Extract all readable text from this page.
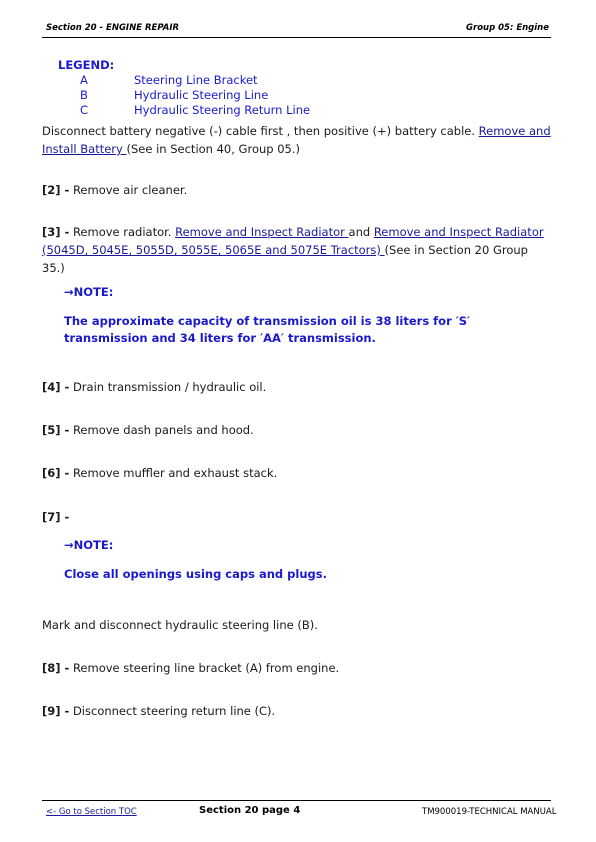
Section 20 - ENGINE REPAIR	Group 05: Engine
LEGEND:
A	Steering Line Bracket
B	Hydraulic Steering Line
C	Hydraulic Steering Return Line
Disconnect battery negative (-) cable first , then positive (+) battery cable. Remove and Install Battery (See in Section 40, Group 05.)
[2] - Remove air cleaner.
[3] - Remove radiator. Remove and Inspect Radiator and Remove and Inspect Radiator (5045D, 5045E, 5055D, 5055E, 5065E and 5075E Tractors) (See in Section 20 Group 35.)
→NOTE:
The approximate capacity of transmission oil is 38 liters for ′S′ transmission and 34 liters for ′AA′ transmission.
[4] - Drain transmission / hydraulic oil.
[5] - Remove dash panels and hood.
[6] - Remove muffler and exhaust stack.
[7] -
→NOTE:
Close all openings using caps and plugs.
Mark and disconnect hydraulic steering line (B).
[8] - Remove steering line bracket (A) from engine.
[9] - Disconnect steering return line (C).
<- Go to Section TOC	Section 20 page 4	TM900019-TECHNICAL MANUAL
